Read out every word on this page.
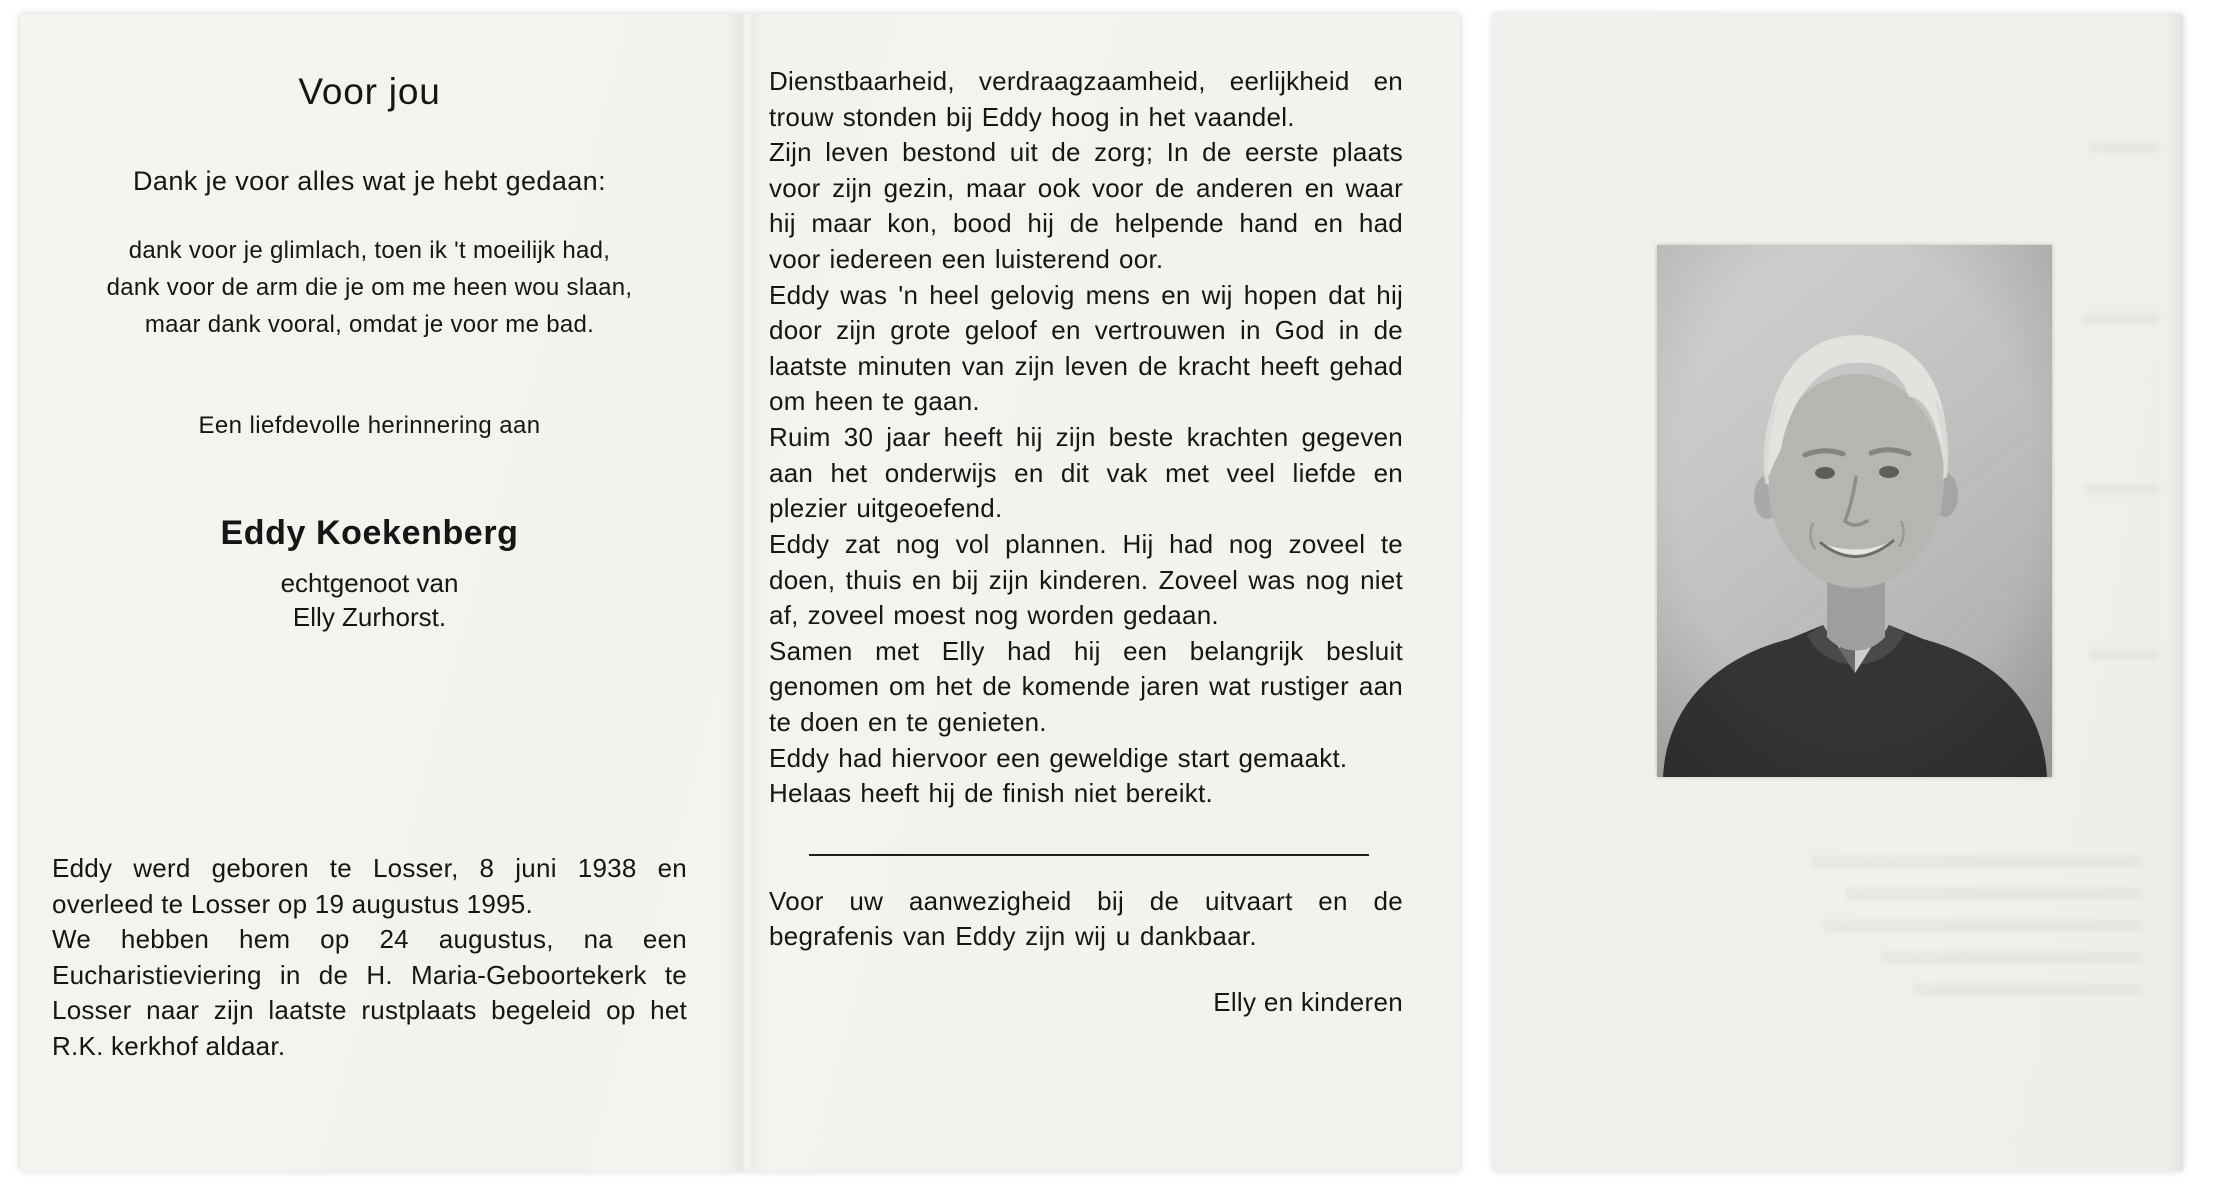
Voor jou
Dank je voor alles wat je hebt gedaan:
dank voor je glimlach, toen ik 't moeilijk had,
dank voor de arm die je om me heen wou slaan,
maar dank vooral, omdat je voor me bad.
Een liefdevolle herinnering aan
Eddy Koekenberg
echtgenoot van
Elly Zurhorst.

Eddy werd geboren te Losser, 8 juni 1938 en overleed te Losser op 19 augustus 1995.

We hebben hem op 24 augustus, na een Eucharistieviering in de H. Maria-Geboortekerk te Losser naar zijn laatste rustplaats begeleid op het R.K. kerkhof aldaar.

Dienstbaarheid, verdraagzaamheid, eerlijkheid en trouw stonden bij Eddy hoog in het vaandel.

Zijn leven bestond uit de zorg; In de eerste plaats voor zijn gezin, maar ook voor de anderen en waar hij maar kon, bood hij de helpende hand en had voor iedereen een luisterend oor.

Eddy was 'n heel gelovig mens en wij hopen dat hij door zijn grote geloof en vertrouwen in God in de laatste minuten van zijn leven de kracht heeft gehad om heen te gaan.

Ruim 30 jaar heeft hij zijn beste krachten gegeven aan het onderwijs en dit vak met veel liefde en plezier uitgeoefend.

Eddy zat nog vol plannen. Hij had nog zoveel te doen, thuis en bij zijn kinderen. Zoveel was nog niet af, zoveel moest nog worden gedaan.

Samen met Elly had hij een belangrijk besluit genomen om het de komende jaren wat rustiger aan te doen en te genieten.

Eddy had hiervoor een geweldige start gemaakt.

Helaas heeft hij de finish niet bereikt.

Voor uw aanwezigheid bij de uitvaart en de begrafenis van Eddy zijn wij u dankbaar.

Elly en kinderen
